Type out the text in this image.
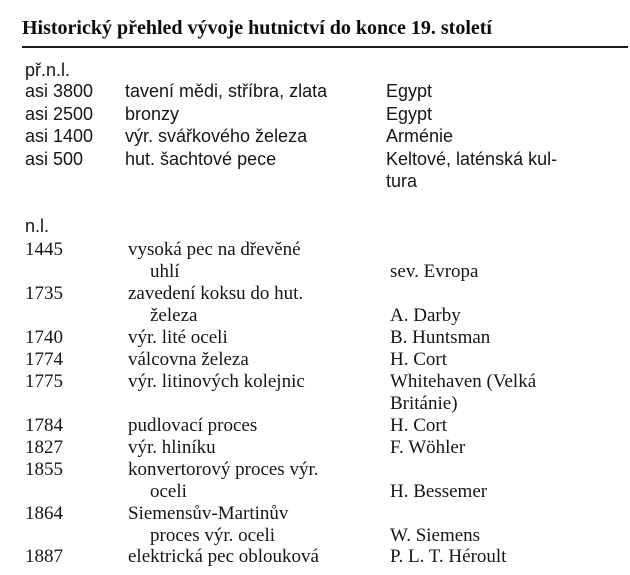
Historický přehled vývoje hutnictví do konce 19. století
př.n.l.
asi 3800 tavení mědi, stříbra, zlata	Egypt
asi 2500 bronzy	Egypt
asi 1400 výr. svářkového železa	Arménie
asi 500 hut. šachtové pece	Keltové, laténská kul-
tura
n.l.
1445	vysoká pec na dřevěné
uhlí	sev. Evropa
1735	zavedení koksu do hut.
železa	A. Darby
1740	výr. lité oceli	B. Huntsman
1774	válcovna železa	H. Cort
1775	výr. litinových kolejnic	Whitehaven (Velká
Británie)
1784	pudlovací proces	H. Cort
1827	výr. hliníku	F. Wöhler
1855	konvertorový proces výr.
oceli	H. Bessemer
1864	Siemensův-Martinův
proces výr. oceli	W. Siemens
1887	elektrická pec oblouková	P. L. T. Héroult
